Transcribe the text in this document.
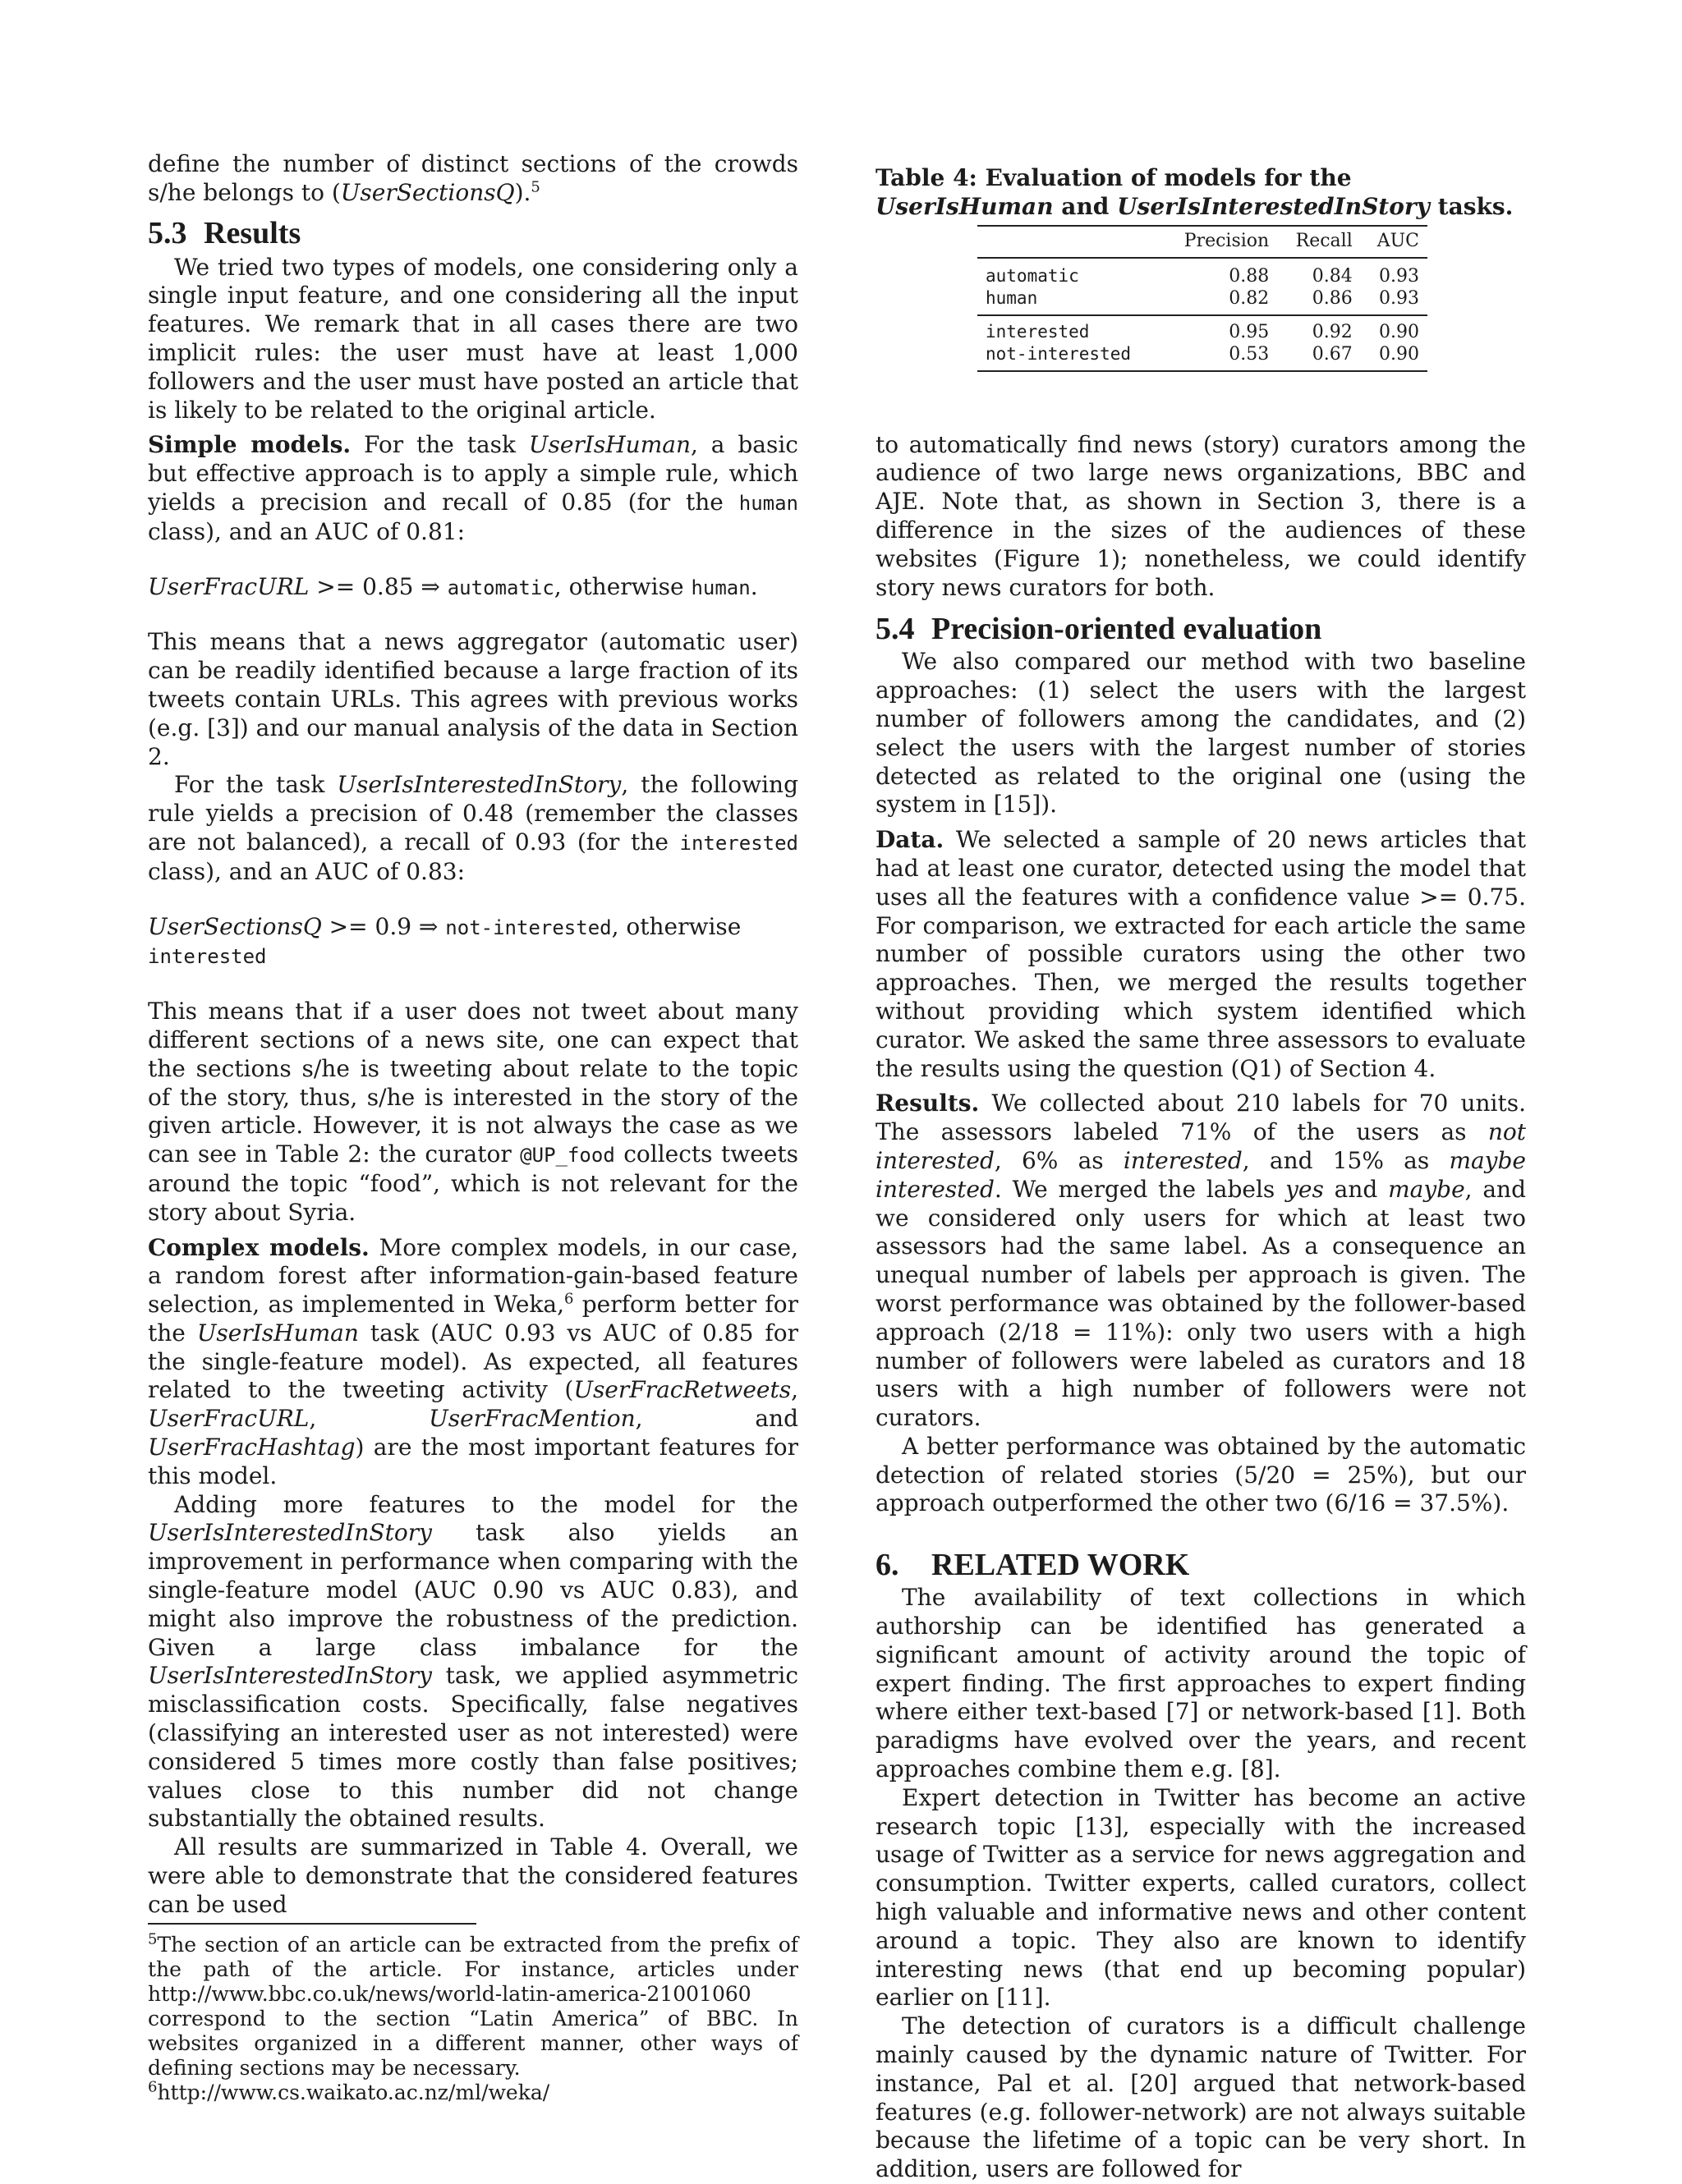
define the number of distinct sections of the crowds s/he belongs to (UserSectionsQ).$^5$

5.3 Results

We tried two types of models, one considering only a single input feature, and one considering all the input features. We remark that in all cases there are two implicit rules: the user must have at least 1,000 followers and the user must have posted an article that is likely to be related to the original article.

Simple models. For the task UserIsHuman, a basic but effective approach is to apply a simple rule, which yields a precision and recall of 0.85 (for the human class), and an AUC of 0.81:

UserFracURL >= 0.85 ⇒ automatic, otherwise human.

This means that a news aggregator (automatic user) can be readily identified because a large fraction of its tweets contain URLs. This agrees with previous works (e.g. [3]) and our manual analysis of the data in Section 2.

For the task UserIsInterestedInStory, the following rule yields a precision of 0.48 (remember the classes are not balanced), a recall of 0.93 (for the interested class), and an AUC of 0.83:

UserSectionsQ >= 0.9 ⇒ not-interested, otherwise interested

This means that if a user does not tweet about many different sections of a news site, one can expect that the sections s/he is tweeting about relate to the topic of the story, thus, s/he is interested in the story of the given article. However, it is not always the case as we can see in Table 2: the curator @UP_food collects tweets around the topic “food”, which is not relevant for the story about Syria.

Complex models. More complex models, in our case, a random forest after information-gain-based feature selection, as implemented in Weka,$^6$ perform better for the UserIsHuman task (AUC 0.93 vs AUC of 0.85 for the single-feature model). As expected, all features related to the tweeting activity (UserFracRetweets, UserFracURL, UserFracMention, and UserFracHashtag) are the most important features for this model.

Adding more features to the model for the UserIsInterestedInStory task also yields an improvement in performance when comparing with the single-feature model (AUC 0.90 vs AUC 0.83), and might also improve the robustness of the prediction. Given a large class imbalance for the UserIsInterestedInStory task, we applied asymmetric misclassification costs. Specifically, false negatives (classifying an interested user as not interested) were considered 5 times more costly than false positives; values close to this number did not change substantially the obtained results.

All results are summarized in Table 4. Overall, we were able to demonstrate that the considered features can be used

$^5$The section of an article can be extracted from the prefix of the path of the article. For instance, articles under http://www.bbc.co.uk/news/world-latin-america-21001060 correspond to the section “Latin America” of BBC. In websites organized in a different manner, other ways of defining sections may be necessary.

$^6$http://www.cs.waikato.ac.nz/ml/weka/

Table 4: Evaluation of models for the UserIsHuman and UserIsInterestedInStory tasks.

	Precision	Recall	AUC
automatic	0.88	0.84	0.93
human	0.82	0.86	0.93
interested	0.95	0.92	0.90
not-interested	0.53	0.67	0.90

to automatically find news (story) curators among the audience of two large news organizations, BBC and AJE. Note that, as shown in Section 3, there is a difference in the sizes of the audiences of these websites (Figure 1); nonetheless, we could identify story news curators for both.

5.4 Precision-oriented evaluation

We also compared our method with two baseline approaches: (1) select the users with the largest number of followers among the candidates, and (2) select the users with the largest number of stories detected as related to the original one (using the system in [15]).

Data. We selected a sample of 20 news articles that had at least one curator, detected using the model that uses all the features with a confidence value >= 0.75. For comparison, we extracted for each article the same number of possible curators using the other two approaches. Then, we merged the results together without providing which system identified which curator. We asked the same three assessors to evaluate the results using the question (Q1) of Section 4.

Results. We collected about 210 labels for 70 units. The assessors labeled 71% of the users as not interested, 6% as interested, and 15% as maybe interested. We merged the labels yes and maybe, and we considered only users for which at least two assessors had the same label. As a consequence an unequal number of labels per approach is given. The worst performance was obtained by the follower-based approach (2/18 = 11%): only two users with a high number of followers were labeled as curators and 18 users with a high number of followers were not curators.

A better performance was obtained by the automatic detection of related stories (5/20 = 25%), but our approach outperformed the other two (6/16 = 37.5%).

6. RELATED WORK

The availability of text collections in which authorship can be identified has generated a significant amount of activity around the topic of expert finding. The first approaches to expert finding where either text-based [7] or network-based [1]. Both paradigms have evolved over the years, and recent approaches combine them e.g. [8].

Expert detection in Twitter has become an active research topic [13], especially with the increased usage of Twitter as a service for news aggregation and consumption. Twitter experts, called curators, collect high valuable and informative news and other content around a topic. They also are known to identify interesting news (that end up becoming popular) earlier on [11].

The detection of curators is a difficult challenge mainly caused by the dynamic nature of Twitter. For instance, Pal et al. [20] argued that network-based features (e.g. follower-network) are not always suitable because the lifetime of a topic can be very short. In addition, users are followed for
